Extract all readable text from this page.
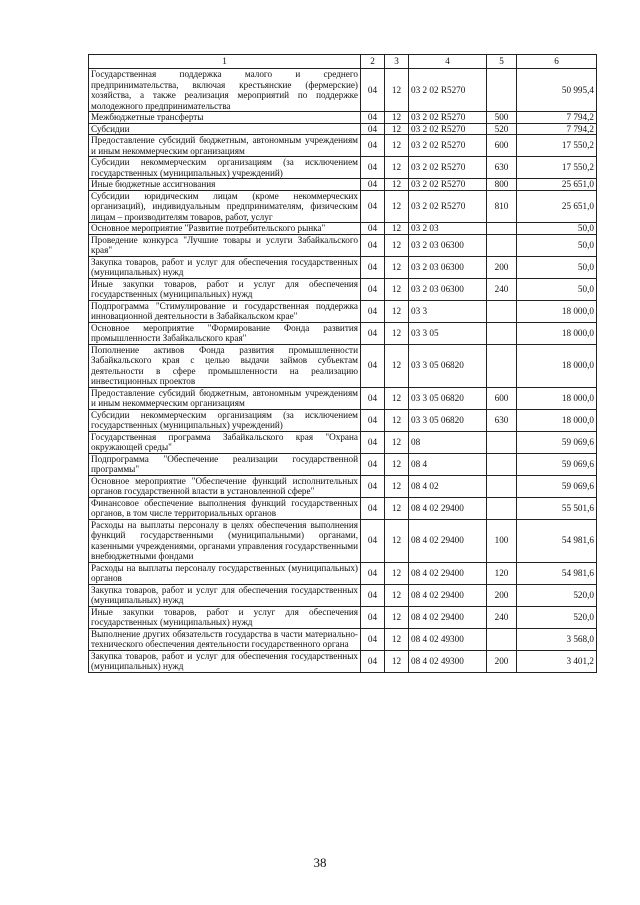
1	2	3	4	5	6
Государственная поддержка малого и среднего предпринимательства, включая крестьянские (фермерские) хозяйства, а также реализация мероприятий по поддержке молодежного предпринимательства	04	12	03 2 02 R5270		50 995,4
Межбюджетные трансферты	04	12	03 2 02 R5270	500	7 794,2
Субсидии	04	12	03 2 02 R5270	520	7 794,2
Предоставление субсидий бюджетным, автономным учреждениям и иным некоммерческим организациям	04	12	03 2 02 R5270	600	17 550,2
Субсидии некоммерческим организациям (за исключением государственных (муниципальных) учреждений)	04	12	03 2 02 R5270	630	17 550,2
Иные бюджетные ассигнования	04	12	03 2 02 R5270	800	25 651,0
Субсидии юридическим лицам (кроме некоммерческих организаций), индивидуальным предпринимателям, физическим лицам – производителям товаров, работ, услуг	04	12	03 2 02 R5270	810	25 651,0
Основное мероприятие "Развитие потребительского рынка"	04	12	03 2 03		50,0
Проведение конкурса "Лучшие товары и услуги Забайкальского края"	04	12	03 2 03 06300		50,0
Закупка товаров, работ и услуг для обеспечения государственных (муниципальных) нужд	04	12	03 2 03 06300	200	50,0
Иные закупки товаров, работ и услуг для обеспечения государственных (муниципальных) нужд	04	12	03 2 03 06300	240	50,0
Подпрограмма "Стимулирование и государственная поддержка инновационной деятельности в Забайкальском крае"	04	12	03 3		18 000,0
Основное мероприятие "Формирование Фонда развития промышленности Забайкальского края"	04	12	03 3 05		18 000,0
Пополнение активов Фонда развития промышленности Забайкальского края с целью выдачи займов субъектам деятельности в сфере промышленности на реализацию инвестиционных проектов	04	12	03 3 05 06820		18 000,0
Предоставление субсидий бюджетным, автономным учреждениям и иным некоммерческим организациям	04	12	03 3 05 06820	600	18 000,0
Субсидии некоммерческим организациям (за исключением государственных (муниципальных) учреждений)	04	12	03 3 05 06820	630	18 000,0
Государственная программа Забайкальского края "Охрана окружающей среды"	04	12	08		59 069,6
Подпрограмма "Обеспечение реализации государственной программы"	04	12	08 4		59 069,6
Основное мероприятие "Обеспечение функций исполнительных органов государственной власти в установленной сфере"	04	12	08 4 02		59 069,6
Финансовое обеспечение выполнения функций государственных органов, в том числе территориальных органов	04	12	08 4 02 29400		55 501,6
Расходы на выплаты персоналу в целях обеспечения выполнения функций государственными (муниципальными) органами, казенными учреждениями, органами управления государственными внебюджетными фондами	04	12	08 4 02 29400	100	54 981,6
Расходы на выплаты персоналу государственных (муниципальных) органов	04	12	08 4 02 29400	120	54 981,6
Закупка товаров, работ и услуг для обеспечения государственных (муниципальных) нужд	04	12	08 4 02 29400	200	520,0
Иные закупки товаров, работ и услуг для обеспечения государственных (муниципальных) нужд	04	12	08 4 02 29400	240	520,0
Выполнение других обязательств государства в части материально-технического обеспечения деятельности государственного органа	04	12	08 4 02 49300		3 568,0
Закупка товаров, работ и услуг для обеспечения государственных (муниципальных) нужд	04	12	08 4 02 49300	200	3 401,2
38
